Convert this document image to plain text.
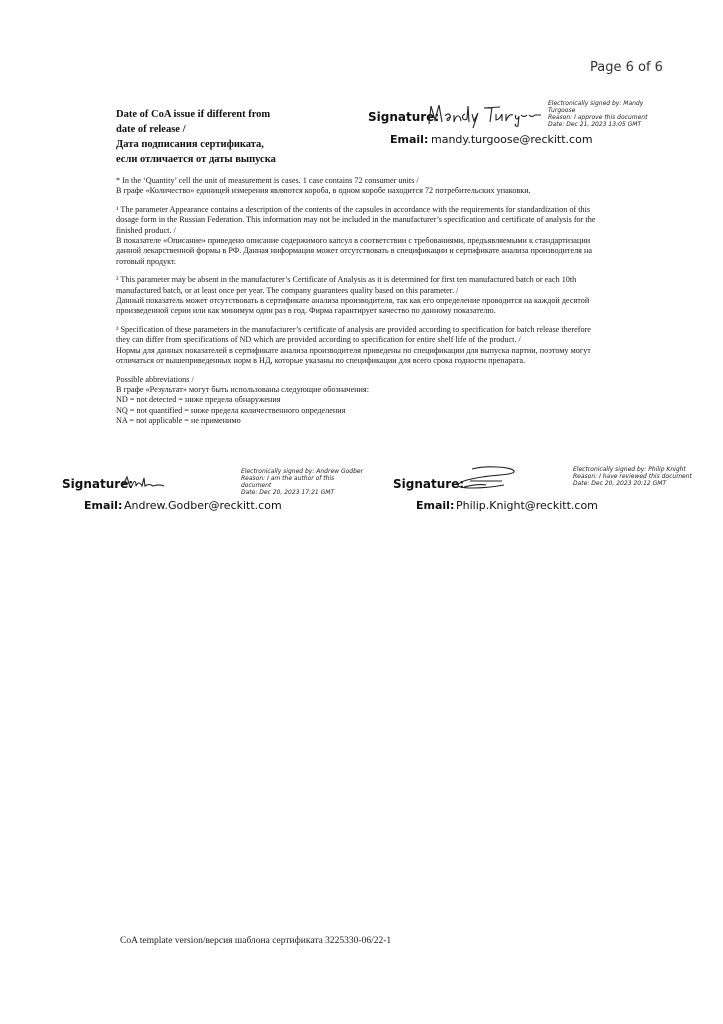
Page 6 of 6
Date of CoA issue if different from
date of release /
Дата подписания сертификата,
если отличается от даты выпуска
Signature:
Electronically signed by: Mandy
Turgoose
Reason: I approve this document
Date: Dec 21, 2023 13:05 GMT
Email: mandy.turgoose@reckitt.com

* In the ‘Quantity’ cell the unit of measurement is cases. 1 case contains 72 consumer units /
В графе «Количество» единицей измерения являются короба, в одном коробе находится 72 потребительских упаковки.

¹ The parameter Appearance contains a description of the contents of the capsules in accordance with the requirements for standardization of this
dosage form in the Russian Federation. This information may not be included in the manufacturer’s specification and certificate of analysis for the
finished product. /
В показателе «Описание» приведено описание содержимого капсул в соответствии с требованиями, предъявляемыми к стандартизации
данной лекарственной формы в РФ. Данная информация может отсутствовать в спецификации и сертификате анализа производителя на
готовый продукт.

² This parameter may be absent in the manufacturer’s Certificate of Analysis as it is determined for first ten manufactured batch or each 10th
manufactured batch, or at least once per year. The company guarantees quality based on this parameter. /
Данный показатель может отсутствовать в сертификате анализа производителя, так как его определение проводится на каждой десятой
произведенной серии или как минимум один раз в год. Фирма гарантирует качество по данному показателю.

³ Specification of these parameters in the manufacturer’s certificate of analysis are provided according to specification for batch release therefore
they can differ from specifications of ND which are provided according to specification for entire shelf life of the product. /
Нормы для данных показателей в сертификате анализа производителя приведены по спецификации для выпуска партии, поэтому могут
отличаться от вышеприведенных норм в НД, которые указаны по спецификации для всего срока годности препарата.

Possible abbreviations /
В графе «Результат» могут быть использованы следующие обозначения:
ND = not detected = ниже предела обнаружения
NQ = not quantified = ниже предела количественного определения
NA = not applicable = не применимо

Signature:
Electronically signed by: Andrew Godber
Reason: I am the author of this
document
Date: Dec 20, 2023 17:21 GMT
Email: Andrew.Godber@reckitt.com
Signature:
Electronically signed by: Philip Knight
Reason: I have reviewed this document
Date: Dec 20, 2023 20:12 GMT
Email: Philip.Knight@reckitt.com
CoA template version/версия шаблона сертификата 3225330-06/22-1
